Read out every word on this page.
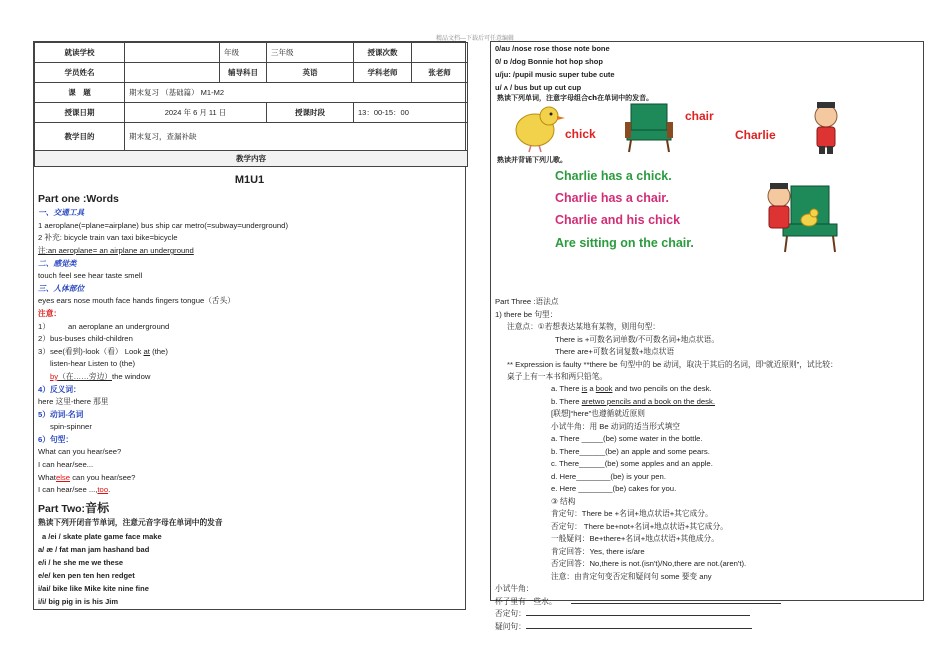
精品文档---下载后可任意编辑
就读学校		年级	三年级	授课次数	
学员姓名		辅导科目	英语	学科老师	张老师
课　题	期末复习 （基础篇） M1-M2				
授课日期	2024 年 6 月 11 日		授课时段	13：00-15：00	
教学目的	期末复习，查漏补缺				
教学内容					
M1U1
Part one :Words
一、交通工具
1 aeroplane(=plane=airplane) bus ship car metro(=subway=underground)
2 补充: bicycle train van taxi bike=bicycle
注:an aeroplane= an airplane an underground
二、感觉类
touch feel see hear taste smell
三、人体部位
eyes ears nose mouth face hands fingers tongue（舌头）
注意：
1） an aeroplane an underground
2）bus-buses child-children
3）see(看到)-look（看） Look at (the)
listen-hear Listen to (the)
by（在……旁边）the window
4）反义词：
here 这里-there 那里
5）动词-名词
spin-spinner
6）句型：
What can you hear/see?
I can hear/see...
Whatelse can you hear/see?
I can hear/see ...,too.
Part Two:音标
熟读下列开闭音节单词，注意元音字母在单词中的发音
a /ei / skate plate game face make
a/ æ / fat man jam hashand bad
e/i / he she me we these
e/e/ ken pen ten hen redget
i/ai/ bike like Mike kite nine fine
i/i/ big pig in is his Jim
0/aʊ /nose rose those note bone
0/ ɒ /dog Bonnie hot hop shop
u/ju: /pupil music super tube cute
u/ ʌ / bus but up cut cup
熟读下列单词，注意字母组合ch在单词中的发音。
chick
chair
Charlie
熟读并背诵下列儿歌。
Charlie has a chick.
Charlie has a chair.
Charlie and his chick
Are sitting on the chair.
Part Three :语法点
1) there be 句型：
注意点：①若想表达某地有某物，则用句型：
There is +可数名词单数/不可数名词+地点状语。
There are+可数名词复数+地点状语
** Expression is faulty **there be 句型中的 be 动词，取决于其后的名词，即“就近原则”，试比较：
桌子上有一本书和两只铅笔。
a. There is a book and two pencils on the desk.
b. There aretwo pencils and a book on the desk.
[联想]“here”也遵循就近原则
小试牛角：用 Be 动词的适当形式填空
a. There _____(be) some water in the bottle.
b. There______(be) an apple and some pears.
c. There______(be) some apples and an apple.
d. Here________(be) is your pen.
e. Here ________(be) cakes for you.
③ 结构
肯定句：There be +名词+地点状语+其它成分。
否定句： There be+not+名词+地点状语+其它成分。
一般疑问：Be+there+名词+地点状语+其他成分。
肯定回答：Yes, there is/are
否定回答：No,there is not.(isn't)/No,there are not.(aren't).
注意：由肯定句变否定和疑问句 some 要变 any
小试牛角：
杯子里有一些水。
否定句：
疑问句：
